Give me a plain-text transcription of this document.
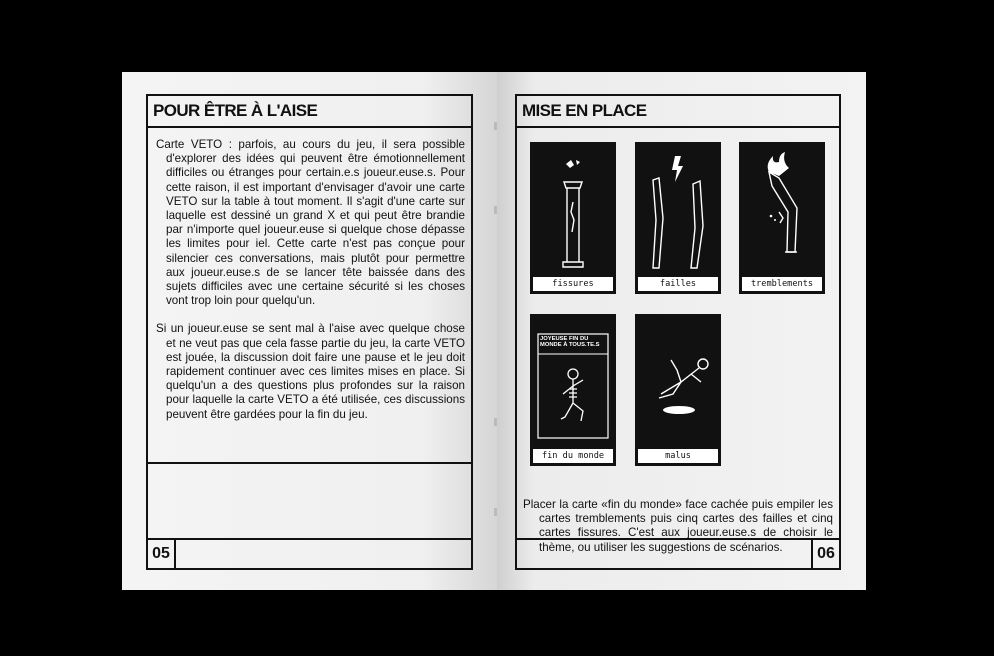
POUR ÊTRE À L'AISE

Carte VETO : parfois, au cours du jeu, il sera possible d'explorer des idées qui peuvent être émotionnellement difficiles ou étranges pour certain.e.s joueur.euse.s. Pour cette raison, il est important d'envisager d'avoir une carte VETO sur la table à tout moment. Il s'agit d'une carte sur laquelle est dessiné un grand X et qui peut être brandie par n'importe quel joueur.euse si quelque chose dépasse les limites pour iel. Cette carte n'est pas conçue pour silencier ces conversations, mais plutôt pour permettre aux joueur.euse.s de se lancer tête baissée dans des sujets difficiles avec une certaine sécurité si les choses vont trop loin pour quelqu'un.

Si un joueur.euse se sent mal à l'aise avec quelque chose et ne veut pas que cela fasse partie du jeu, la carte VETO est jouée, la discussion doit faire une pause et le jeu doit rapidement continuer avec ces limites mises en place. Si quelqu'un a des questions plus profondes sur la raison pour laquelle la carte VETO a été utilisée, ces discussions peuvent être gardées pour la fin du jeu.

05
MISE EN PLACE
fissures	failles	tremblements
JOYEUSE FIN DU MONDE À TOUS.TE.S
fin du monde	malus

Placer la carte «fin du monde» face cachée puis empiler les cartes tremblements puis cinq cartes des failles et cinq cartes fissures. C'est aux joueur.euse.s de choisir le thème, ou utiliser les suggestions de scénarios.	06
